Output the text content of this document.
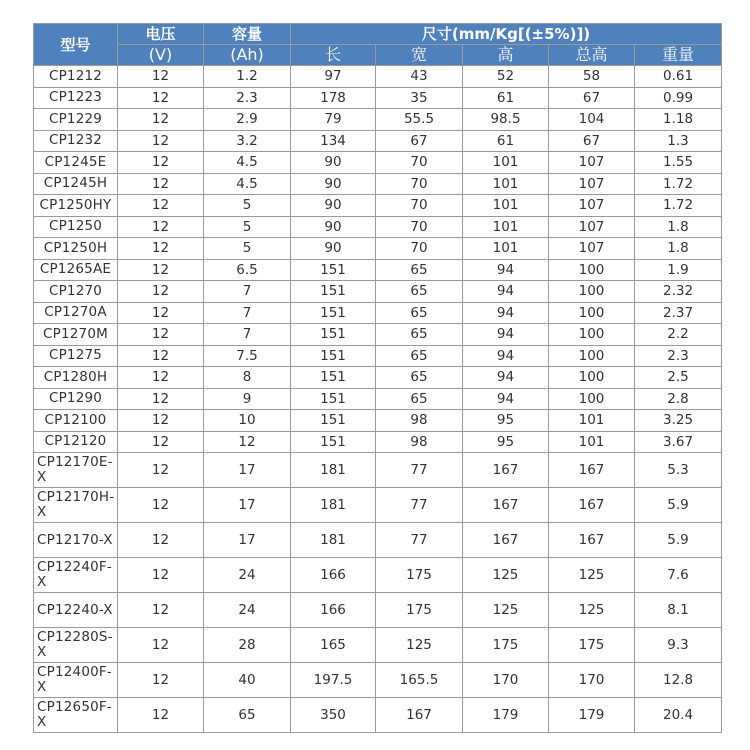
型号	电压	容量	尺寸(mm/Kg[(±5%)])				
	(V)	(Ah)	长	宽	高	总高	重量
CP1212	12	1.2	97	43	52	58	0.61
CP1223	12	2.3	178	35	61	67	0.99
CP1229	12	2.9	79	55.5	98.5	104	1.18
CP1232	12	3.2	134	67	61	67	1.3
CP1245E	12	4.5	90	70	101	107	1.55
CP1245H	12	4.5	90	70	101	107	1.72
CP1250HY	12	5	90	70	101	107	1.72
CP1250	12	5	90	70	101	107	1.8
CP1250H	12	5	90	70	101	107	1.8
CP1265AE	12	6.5	151	65	94	100	1.9
CP1270	12	7	151	65	94	100	2.32
CP1270A	12	7	151	65	94	100	2.37
CP1270M	12	7	151	65	94	100	2.2
CP1275	12	7.5	151	65	94	100	2.3
CP1280H	12	8	151	65	94	100	2.5
CP1290	12	9	151	65	94	100	2.8
CP12100	12	10	151	98	95	101	3.25
CP12120	12	12	151	98	95	101	3.67
CP12170E-X	12	17	181	77	167	167	5.3
CP12170H-X	12	17	181	77	167	167	5.9
CP12170-X	12	17	181	77	167	167	5.9
CP12240F-X	12	24	166	175	125	125	7.6
CP12240-X	12	24	166	175	125	125	8.1
CP12280S-X	12	28	165	125	175	175	9.3
CP12400F-X	12	40	197.5	165.5	170	170	12.8
CP12650F-X	12	65	350	167	179	179	20.4
